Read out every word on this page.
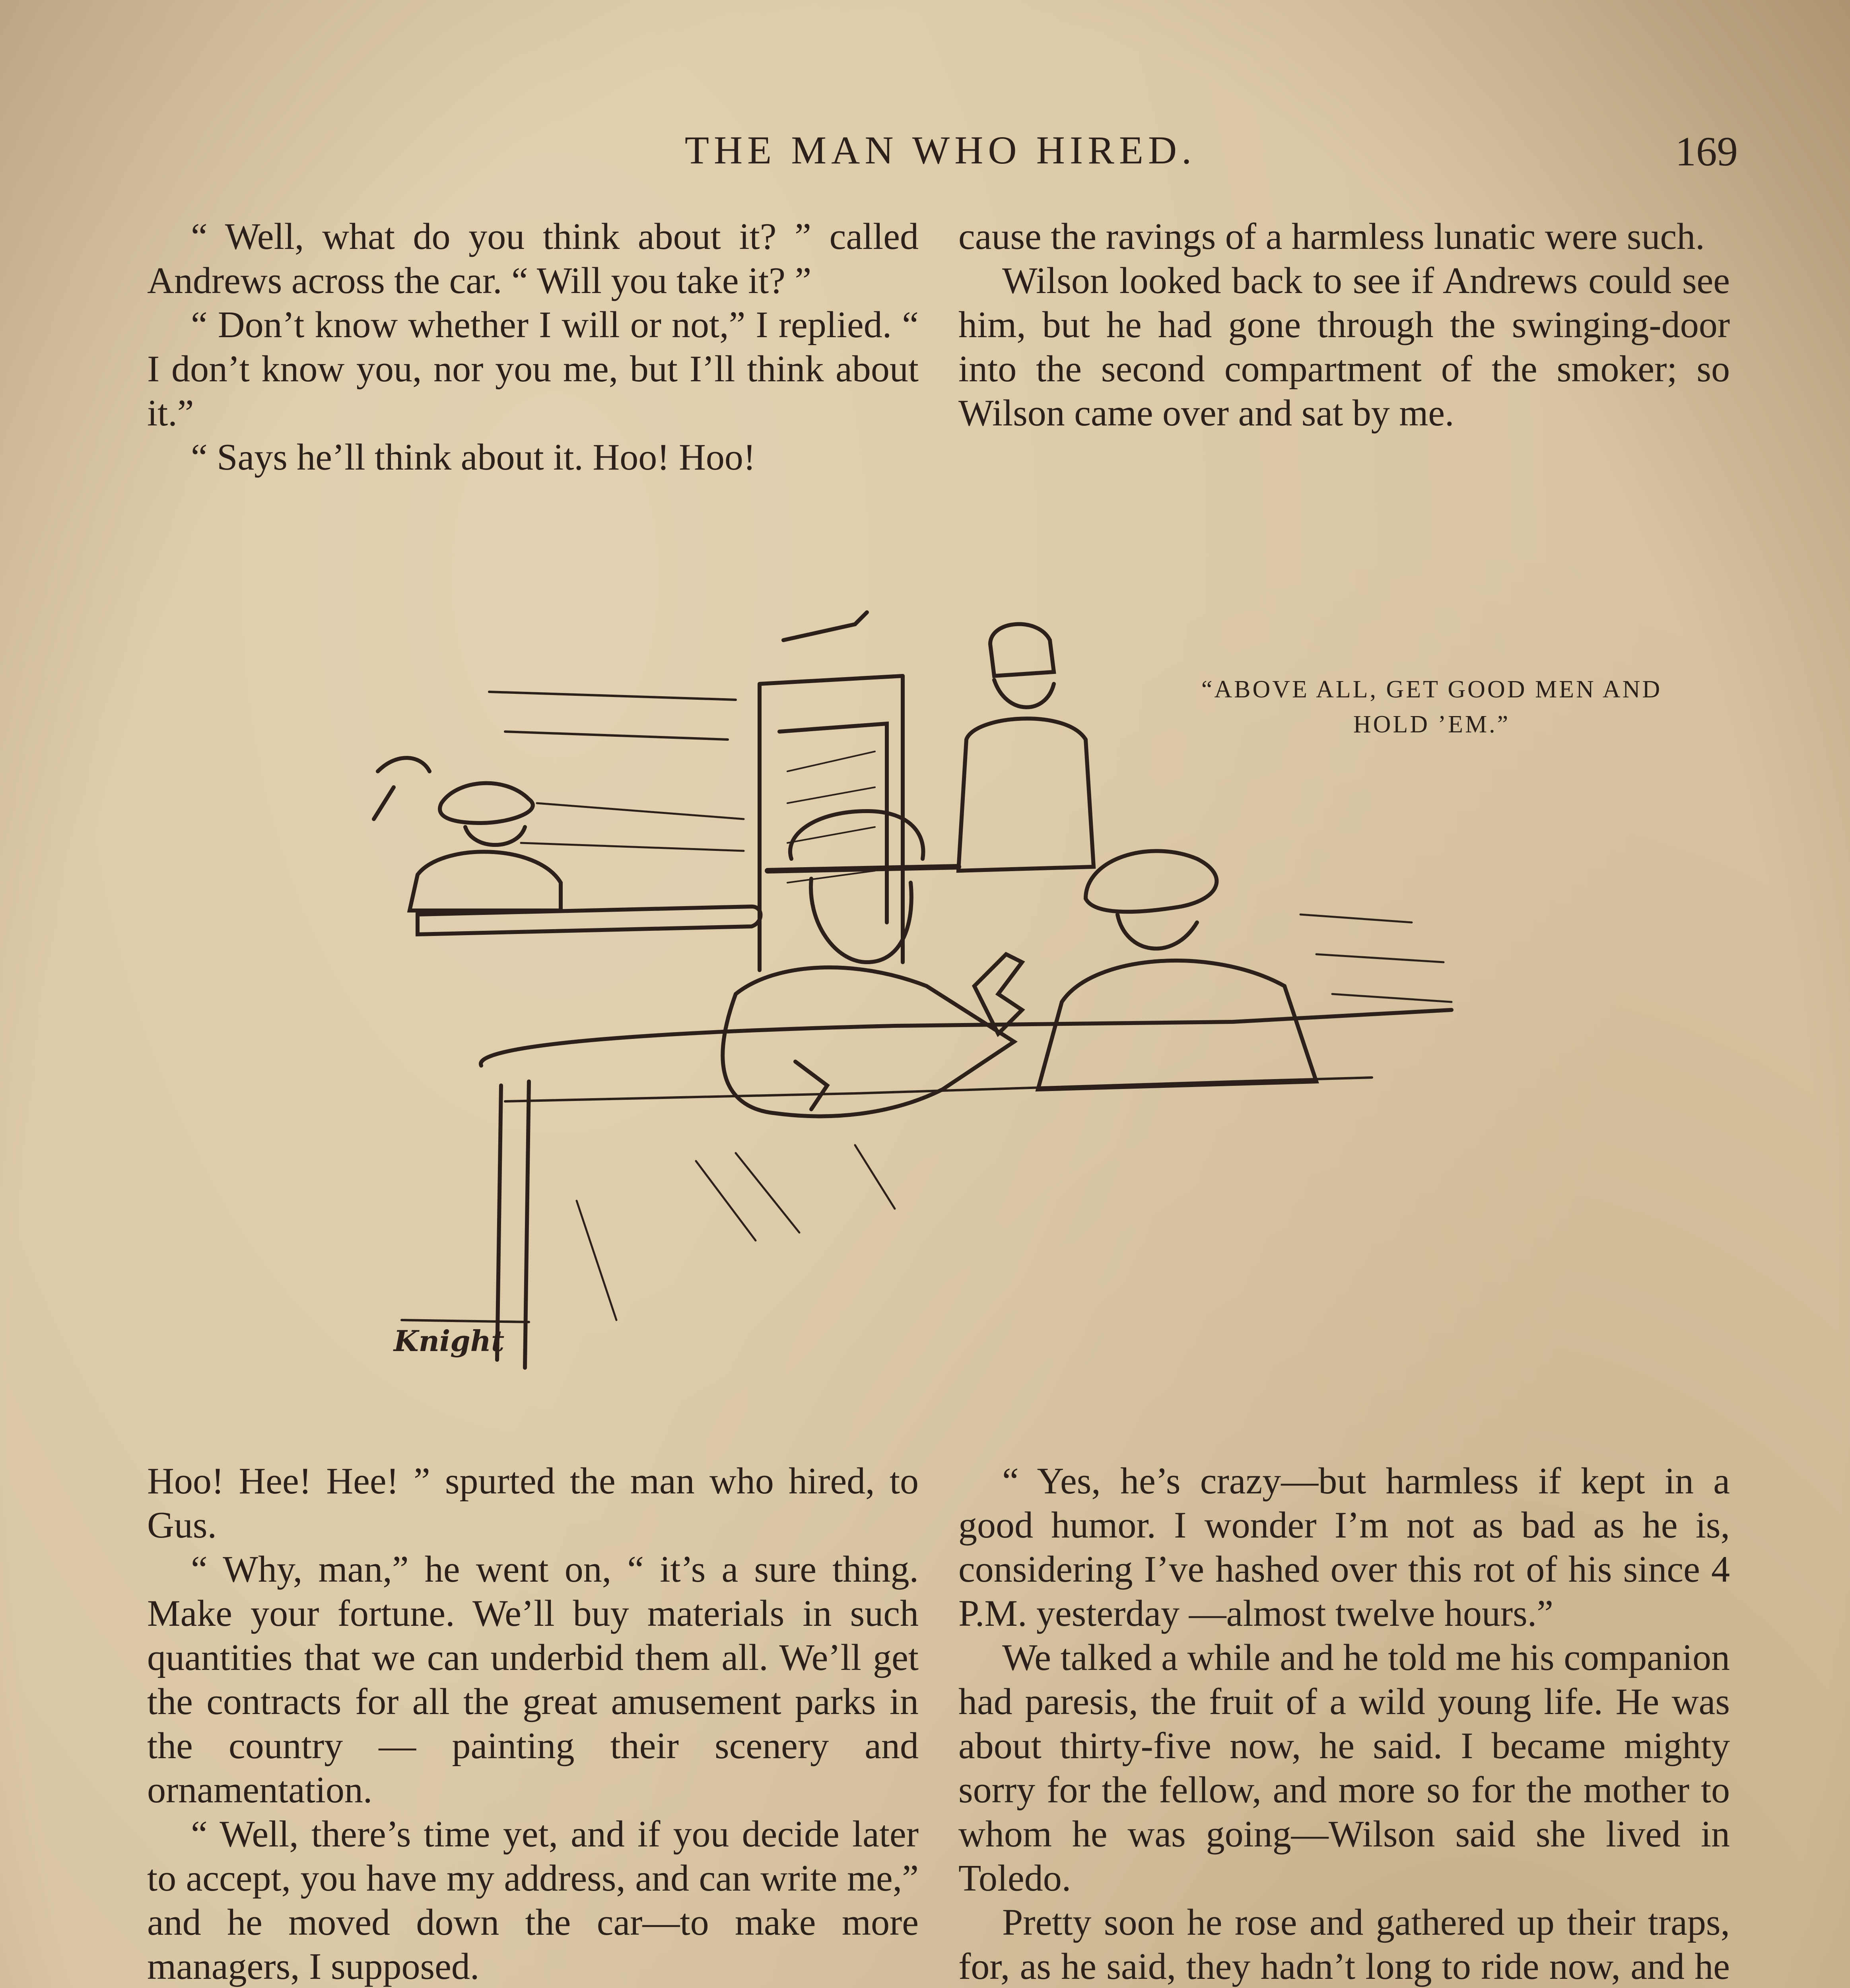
THE MAN WHO HIRED.	169

“ Well, what do you think about it? ” called Andrews across the car. “ Will you take it? ”

“ Don’t know whether I will or not,” I replied. “ I don’t know you, nor you me, but I’ll think about it.”

“ Says he’ll think about it. Hoo! Hoo!

cause the ravings of a harmless lunatic were such.

Wilson looked back to see if Andrews could see him, but he had gone through the swinging-door into the second compartment of the smoker; so Wilson came over and sat by me.

“ABOVE ALL, GET GOOD MEN AND HOLD ’EM.”
Knight

Hoo! Hee! Hee! ” spurted the man who hired, to Gus.

“ Why, man,” he went on, “ it’s a sure thing. Make your fortune. We’ll buy materials in such quantities that we can underbid them all. We’ll get the contracts for all the great amusement parks in the country — painting their scenery and ornamentation.

“ Well, there’s time yet, and if you decide later to accept, you have my address, and can write me,” and he moved down the car—to make more managers, I supposed.

“ Yes, he’s crazy—but harmless if kept in a good humor. I wonder I’m not as bad as he is, considering I’ve hashed over this rot of his since 4 P.M. yesterday —almost twelve hours.”

We talked a while and he told me his companion had paresis, the fruit of a wild young life. He was about thirty-five now, he said. I became mighty sorry for the fellow, and more so for the mother to whom he was going—Wilson said she lived in Toledo.

Pretty soon he rose and gathered up their traps, for, as he said, they hadn’t long to ride now, and he
